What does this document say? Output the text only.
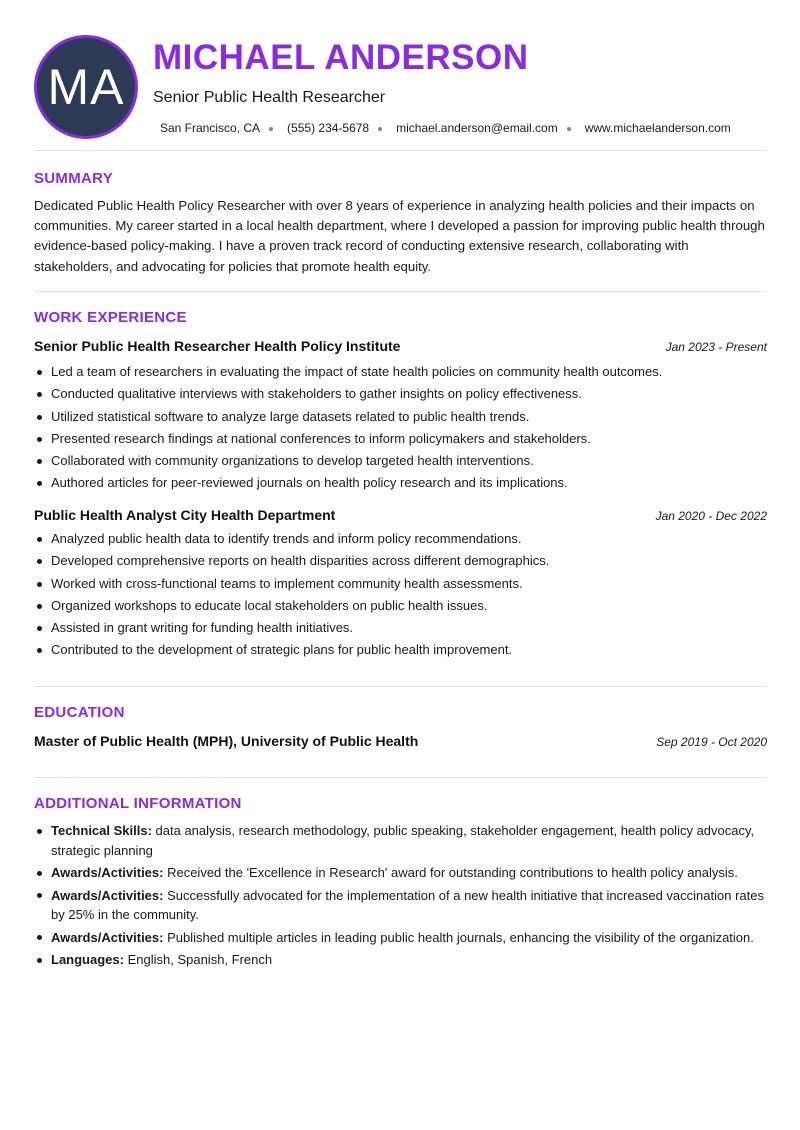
MA
MICHAEL ANDERSON
Senior Public Health Researcher
San Francisco, CA (555) 234-5678 michael.anderson@email.com www.michaelanderson.com
SUMMARY

Dedicated Public Health Policy Researcher with over 8 years of experience in analyzing health policies and their impacts on communities. My career started in a local health department, where I developed a passion for improving public health through evidence-based policy-making. I have a proven track record of conducting extensive research, collaborating with stakeholders, and advocating for policies that promote health equity.

WORK EXPERIENCE
Senior Public Health Researcher Health Policy Institute	Jan 2023 - Present
Led a team of researchers in evaluating the impact of state health policies on community health outcomes.
Conducted qualitative interviews with stakeholders to gather insights on policy effectiveness.
Utilized statistical software to analyze large datasets related to public health trends.
Presented research findings at national conferences to inform policymakers and stakeholders.
Collaborated with community organizations to develop targeted health interventions.
Authored articles for peer-reviewed journals on health policy research and its implications.
Public Health Analyst City Health Department	Jan 2020 - Dec 2022
Analyzed public health data to identify trends and inform policy recommendations.
Developed comprehensive reports on health disparities across different demographics.
Worked with cross-functional teams to implement community health assessments.
Organized workshops to educate local stakeholders on public health issues.
Assisted in grant writing for funding health initiatives.
Contributed to the development of strategic plans for public health improvement.
EDUCATION
Master of Public Health (MPH), University of Public Health	Sep 2019 - Oct 2020
ADDITIONAL INFORMATION
Technical Skills: data analysis, research methodology, public speaking, stakeholder engagement, health policy advocacy, strategic planning
Awards/Activities: Received the 'Excellence in Research' award for outstanding contributions to health policy analysis.
Awards/Activities: Successfully advocated for the implementation of a new health initiative that increased vaccination rates by 25% in the community.
Awards/Activities: Published multiple articles in leading public health journals, enhancing the visibility of the organization.
Languages: English, Spanish, French
